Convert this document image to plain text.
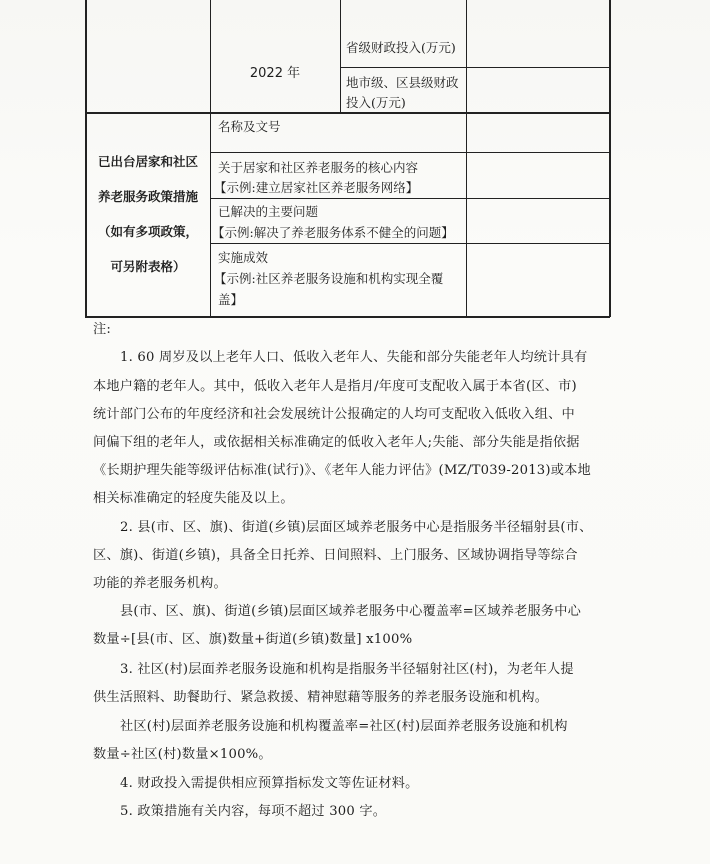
2022 年
省级财政投入(万元)
地市级、区县级财政
投入(万元)
已出台居家和社区
养老服务政策措施
（如有多项政策，
可另附表格）
名称及文号
关于居家和社区养老服务的核心内容
【示例:建立居家社区养老服务网络】
已解决的主要问题
【示例:解决了养老服务体系不健全的问题】
实施成效
【示例:社区养老服务设施和机构实现全覆
盖】
注:
1. 60 周岁及以上老年人口、低收入老年人、失能和部分失能老年人均统计具有
本地户籍的老年人。其中，低收入老年人是指月/年度可支配收入属于本省(区、市)
统计部门公布的年度经济和社会发展统计公报确定的人均可支配收入低收入组、中
间偏下组的老年人，或依据相关标准确定的低收入老年人;失能、部分失能是指依据
《长期护理失能等级评估标准(试行)》、《老年人能力评估》(MZ/T039-2013)或本地
相关标准确定的轻度失能及以上。
2. 县(市、区、旗)、街道(乡镇)层面区域养老服务中心是指服务半径辐射县(市、
区、旗)、街道(乡镇)，具备全日托养、日间照料、上门服务、区域协调指导等综合
功能的养老服务机构。
县(市、区、旗)、街道(乡镇)层面区域养老服务中心覆盖率=区域养老服务中心
数量÷[县(市、区、旗)数量+街道(乡镇)数量] x100%
3. 社区(村)层面养老服务设施和机构是指服务半径辐射社区(村)，为老年人提
供生活照料、助餐助行、紧急救援、精神慰藉等服务的养老服务设施和机构。
社区(村)层面养老服务设施和机构覆盖率=社区(村)层面养老服务设施和机构
数量÷社区(村)数量×100%。
4. 财政投入需提供相应预算指标发文等佐证材料。
5. 政策措施有关内容，每项不超过 300 字。
